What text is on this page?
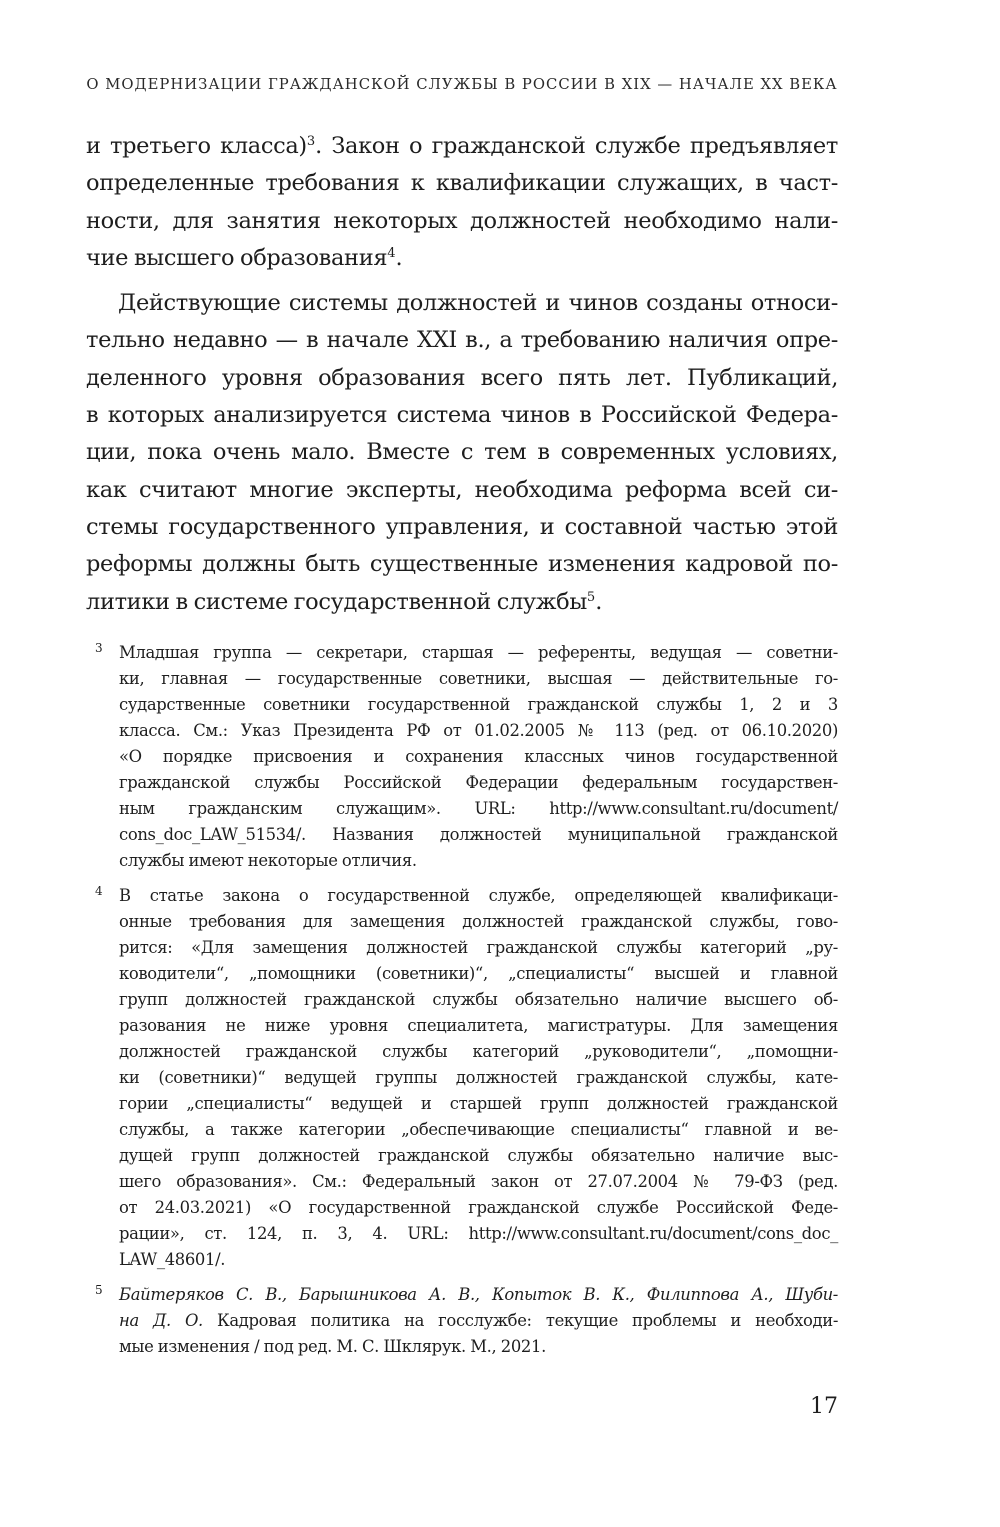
О МОДЕРНИЗАЦИИ ГРАЖДАНСКОЙ СЛУЖБЫ В РОССИИ В XIX — НАЧАЛЕ XX ВЕКА

и третьего класса)$^3$. Закон о гражданской службе предъявляет
определенные требования к квалификации служащих, в част-
ности, для занятия некоторых должностей необходимо нали-
чие высшего образования$^4$.

Действующие системы должностей и чинов созданы относи-
тельно недавно — в начале XXI в., а требованию наличия опре-
деленного уровня образования всего пять лет. Публикаций,
в которых анализируется система чинов в Российской Федера-
ции, пока очень мало. Вместе с тем в современных условиях,
как считают многие эксперты, необходима реформа всей си-
стемы государственного управления, и составной частью этой
реформы должны быть существенные изменения кадровой по-
литики в системе государственной службы$^5$.

3 Младшая группа — секретари, старшая — референты, ведущая — советни-
ки, главная — государственные советники, высшая — действительные го-
сударственные советники государственной гражданской службы 1, 2 и 3
класса. См.: Указ Президента РФ от 01.02.2005 № 113 (ред. от 06.10.2020)
«О порядке присвоения и сохранения классных чинов государственной
гражданской службы Российской Федерации федеральным государствен-
ным гражданским служащим». URL: http://www.consultant.ru/document/
cons_doc_LAW_51534/. Названия должностей муниципальной гражданской
службы имеют некоторые отличия.
4 В статье закона о государственной службе, определяющей квалификаци-
онные требования для замещения должностей гражданской службы, гово-
рится: «Для замещения должностей гражданской службы категорий „ру-
ководители“, „помощники (советники)“, „специалисты“ высшей и главной
групп должностей гражданской службы обязательно наличие высшего об-
разования не ниже уровня специалитета, магистратуры. Для замещения
должностей гражданской службы категорий „руководители“, „помощни-
ки (советники)“ ведущей группы должностей гражданской службы, кате-
гории „специалисты“ ведущей и старшей групп должностей гражданской
службы, а также категории „обеспечивающие специалисты“ главной и ве-
дущей групп должностей гражданской службы обязательно наличие выс-
шего образования». См.: Федеральный закон от 27.07.2004 № 79-ФЗ (ред.
от 24.03.2021) «О государственной гражданской службе Российской Феде-
рации», ст. 124, п. 3, 4. URL: http://www.consultant.ru/document/cons_doc_
LAW_48601/.
5 Байтеряков С. В., Барышникова А. В., Копыток В. К., Филиппова А., Шуби-
на Д. О. Кадровая политика на госслужбе: текущие проблемы и необходи-
мые изменения / под ред. М. С. Шклярук. М., 2021.
17
